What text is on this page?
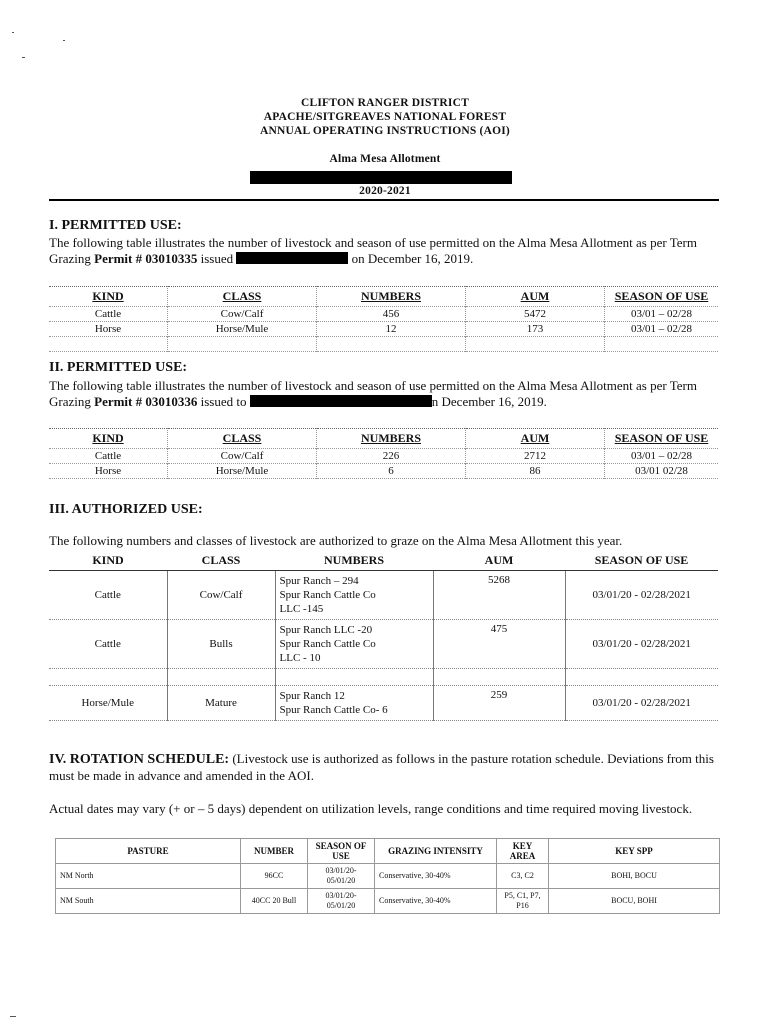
CLIFTON RANGER DISTRICT
APACHE/SITGREAVES NATIONAL FOREST
ANNUAL OPERATING INSTRUCTIONS (AOI)
Alma Mesa Allotment
2020-2021
I. PERMITTED USE:
The following table illustrates the number of livestock and season of use permitted on the Alma Mesa Allotment as per Term Grazing Permit # 03010335 issued	on December 16, 2019.
KIND	CLASS	NUMBERS	AUM	SEASON OF USE
Cattle	Cow/Calf	456	5472	03/01 – 02/28
Horse	Horse/Mule	12	173	03/01 – 02/28

II. PERMITTED USE:
The following table illustrates the number of livestock and season of use permitted on the Alma Mesa Allotment as per Term Grazing Permit # 03010336 issued to	n December 16, 2019.
KIND	CLASS	NUMBERS	AUM	SEASON OF USE
Cattle	Cow/Calf	226	2712	03/01 – 02/28
Horse	Horse/Mule	6	86	03/01 02/28
III. AUTHORIZED USE:
The following numbers and classes of livestock are authorized to graze on the Alma Mesa Allotment this year.
KIND	CLASS	NUMBERS	AUM	SEASON OF USE
Cattle	Cow/Calf	Spur Ranch – 294
Spur Ranch Cattle Co
LLC -145	5268	03/01/20 - 02/28/2021
Cattle	Bulls	Spur Ranch LLC -20
Spur Ranch Cattle Co
LLC - 10	475	03/01/20 - 02/28/2021

Horse/Mule	Mature	Spur Ranch 12
Spur Ranch Cattle Co- 6	259	03/01/20 - 02/28/2021
IV. ROTATION SCHEDULE: (Livestock use is authorized as follows in the pasture rotation schedule. Deviations from this must be made in advance and amended in the AOI.
Actual dates may vary (+ or – 5 days) dependent on utilization levels, range conditions and time required moving livestock.
PASTURE	NUMBER	SEASON OF USE	GRAZING INTENSITY	KEY AREA	KEY SPP
NM North	96CC	03/01/20-05/01/20	Conservative, 30-40%	C3, C2	BOHI, BOCU
NM South	40CC 20 Bull	03/01/20-05/01/20	Conservative, 30-40%	P5, C1, P7, P16	BOCU, BOHI
